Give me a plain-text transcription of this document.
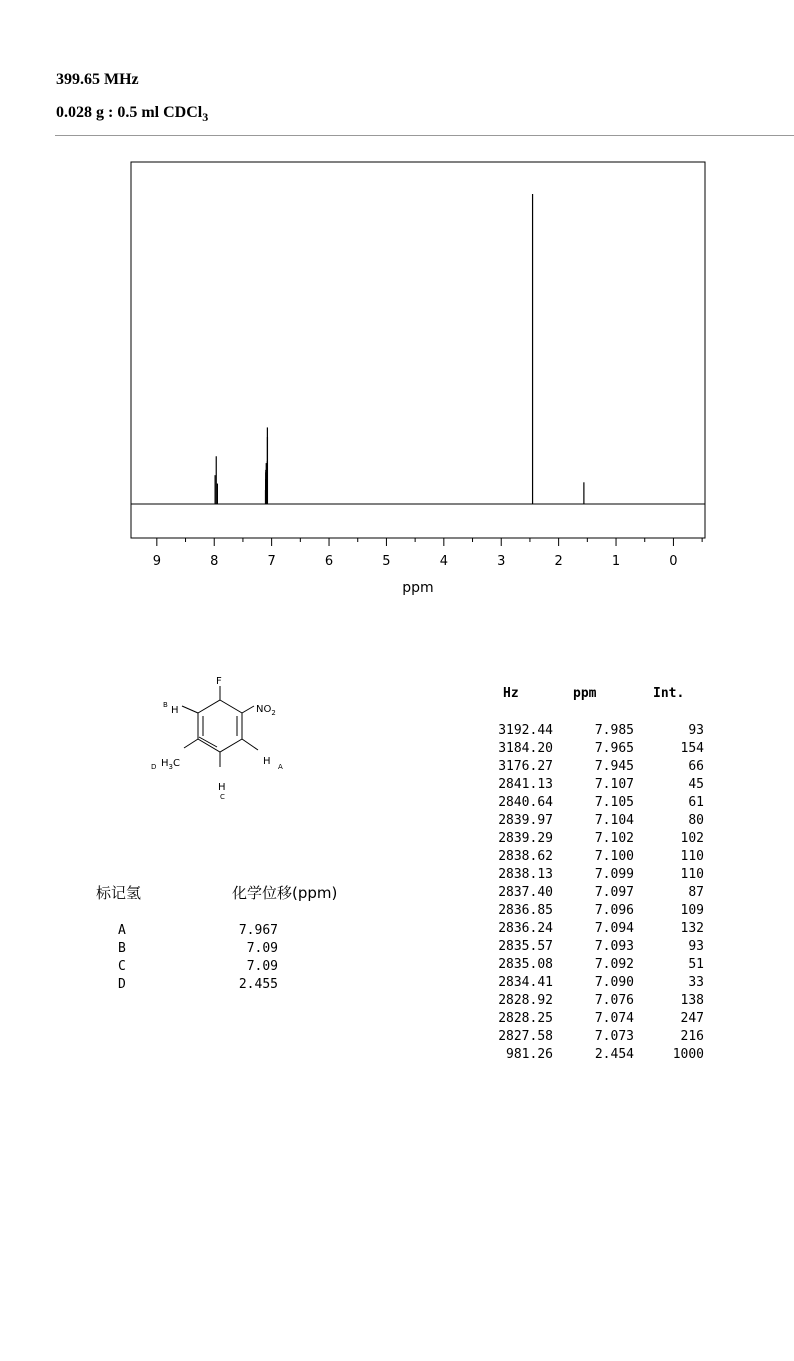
399.65 MHz
0.028 g : 0.5 ml CDCl$_3$
9	8	7	6	5	4	3	2	1	0
ppm
F
$NO_2$
H
H
H
$H_3C$	A
B
C
D
标记氢	化学位移(ppm)
A	7.967
B	7.09
C	7.09
D	2.455
Hz	ppm	Int.
3192.44	7.985	93
3184.20	7.965	154
3176.27	7.945	66
2841.13	7.107	45
2840.64	7.105	61
2839.97	7.104	80
2839.29	7.102	102
2838.62	7.100	110
2838.13	7.099	110
2837.40	7.097	87
2836.85	7.096	109
2836.24	7.094	132
2835.57	7.093	93
2835.08	7.092	51
2834.41	7.090	33
2828.92	7.076	138
2828.25	7.074	247
2827.58	7.073	216
981.26	2.454	1000
